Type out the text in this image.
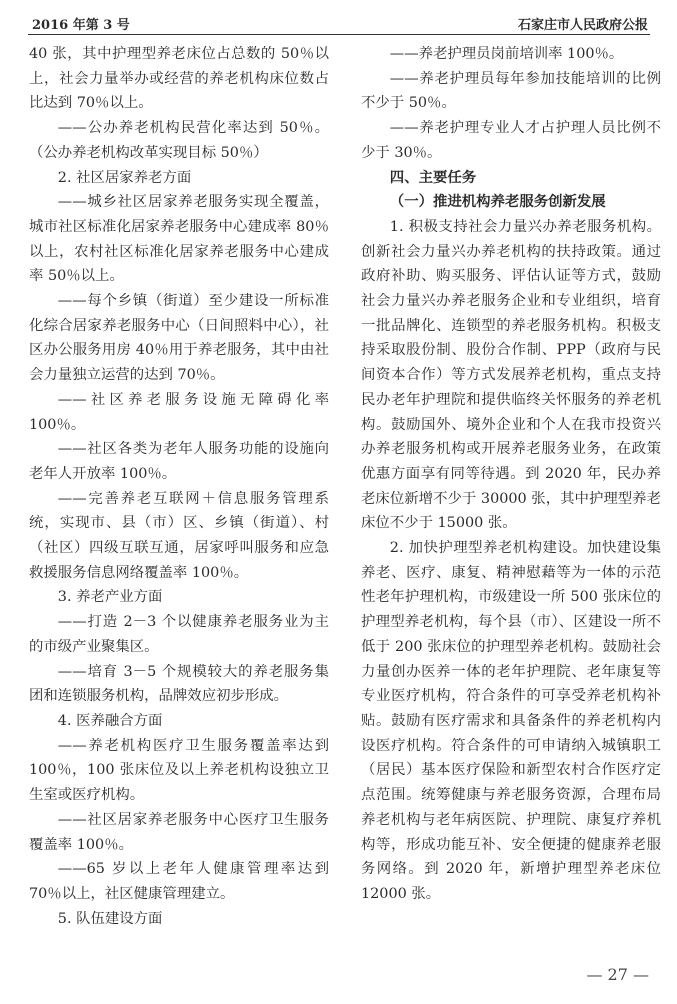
2016 年第 3 号	石家庄市人民政府公报

40 张，其中护理型养老床位占总数的 50％以上，社会力量举办或经营的养老机构床位数占比达到 70％以上。

——公办养老机构民营化率达到 50％。（公办养老机构改革实现目标 50％）

2. 社区居家养老方面

——城乡社区居家养老服务实现全覆盖，城市社区标准化居家养老服务中心建成率 80％以上，农村社区标准化居家养老服务中心建成率 50％以上。

——每个乡镇（街道）至少建设一所标准化综合居家养老服务中心（日间照料中心），社区办公服务用房 40％用于养老服务，其中由社会力量独立运营的达到 70％。

——社区养老服务设施无障碍化率 100％。

——社区各类为老年人服务功能的设施向老年人开放率 100％。

——完善养老互联网＋信息服务管理系统，实现市、县（市）区、乡镇（街道）、村（社区）四级互联互通，居家呼叫服务和应急救援服务信息网络覆盖率 100％。

3. 养老产业方面

——打造 2－3 个以健康养老服务业为主的市级产业聚集区。

——培育 3－5 个规模较大的养老服务集团和连锁服务机构，品牌效应初步形成。

4. 医养融合方面

——养老机构医疗卫生服务覆盖率达到 100％，100 张床位及以上养老机构设独立卫生室或医疗机构。

——社区居家养老服务中心医疗卫生服务覆盖率 100％。

——65 岁以上老年人健康管理率达到 70％以上，社区健康管理建立。

5. 队伍建设方面

——养老护理员岗前培训率 100％。

——养老护理员每年参加技能培训的比例不少于 50％。

——养老护理专业人才占护理人员比例不少于 30％。

四、主要任务

（一）推进机构养老服务创新发展

1. 积极支持社会力量兴办养老服务机构。创新社会力量兴办养老机构的扶持政策。通过政府补助、购买服务、评估认证等方式，鼓励社会力量兴办养老服务企业和专业组织，培育一批品牌化、连锁型的养老服务机构。积极支持采取股份制、股份合作制、PPP（政府与民间资本合作）等方式发展养老机构，重点支持民办老年护理院和提供临终关怀服务的养老机构。鼓励国外、境外企业和个人在我市投资兴办养老服务机构或开展养老服务业务，在政策优惠方面享有同等待遇。到 2020 年，民办养老床位新增不少于 30000 张，其中护理型养老床位不少于 15000 张。

2. 加快护理型养老机构建设。加快建设集养老、医疗、康复、精神慰藉等为一体的示范性老年护理机构，市级建设一所 500 张床位的护理型养老机构，每个县（市）、区建设一所不低于 200 张床位的护理型养老机构。鼓励社会力量创办医养一体的老年护理院、老年康复等专业医疗机构，符合条件的可享受养老机构补贴。鼓励有医疗需求和具备条件的养老机构内设医疗机构。符合条件的可申请纳入城镇职工（居民）基本医疗保险和新型农村合作医疗定点范围。统筹健康与养老服务资源，合理布局养老机构与老年病医院、护理院、康复疗养机构等，形成功能互补、安全便捷的健康养老服务网络。到 2020 年，新增护理型养老床位 12000 张。

— 27 —
